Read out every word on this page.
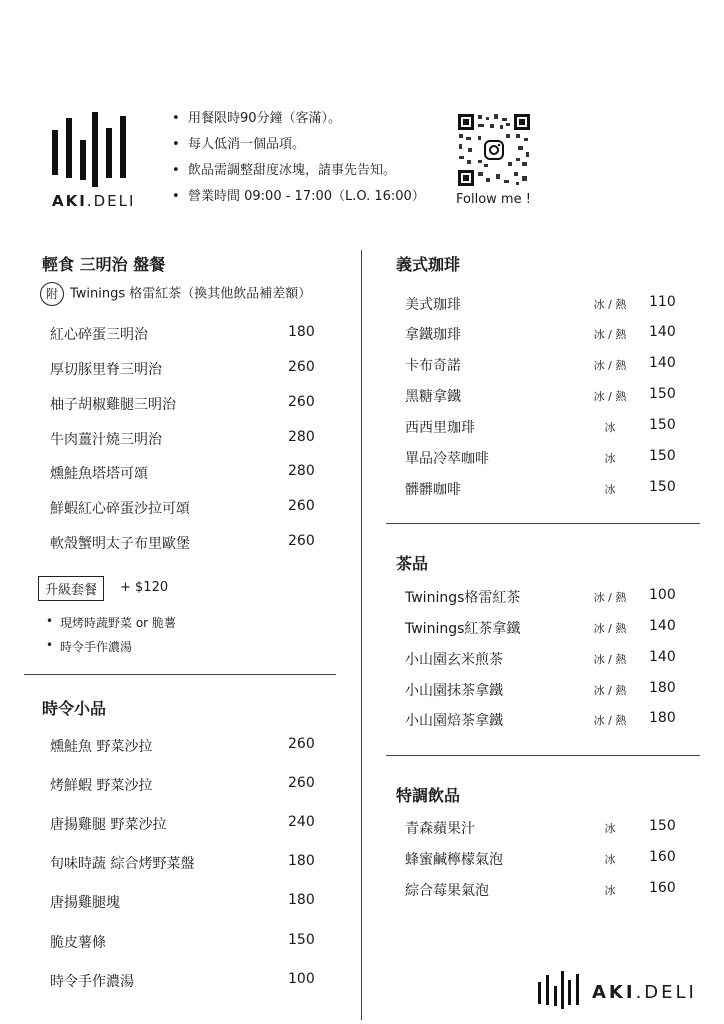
AKI.DELI
• 用餐限時90分鐘（客滿）。
• 每人低消一個品項。
• 飲品需調整甜度冰塊，請事先告知。
• 營業時間 09:00 - 17:00（L.O. 16:00） Follow me !
輕食 三明治 盤餐
附 Twinings 格雷紅茶（換其他飲品補差額）
紅心碎蛋三明治	180
厚切豚里脊三明治	260
柚子胡椒雞腿三明治	260
牛肉薑汁燒三明治	280
燻鮭魚塔塔可頌	280
鮮蝦紅心碎蛋沙拉可頌	260
軟殼蟹明太子布里歐堡	260
升級套餐	+ $120
• 現烤時蔬野菜 or 脆薯
• 時令手作濃湯
時令小品
燻鮭魚 野菜沙拉	260
烤鮮蝦 野菜沙拉	260
唐揚雞腿 野菜沙拉	240
旬味時蔬 綜合烤野菜盤	180
唐揚雞腿塊	180
脆皮薯條	150
時令手作濃湯	100
義式珈琲
美式珈琲	冰 / 熱 110
拿鐵珈琲	冰 / 熱 140
卡布奇諾	冰 / 熱 140
黑糖拿鐵	冰 / 熱 150
西西里珈琲	冰 150
單品冷萃咖啡	冰 150
髒髒咖啡	冰 150
茶品
Twinings格雷紅茶	冰 / 熱 100
Twinings紅茶拿鐵	冰 / 熱 140
小山園玄米煎茶	冰 / 熱 140
小山園抹茶拿鐵	冰 / 熱 180
小山園焙茶拿鐵	冰 / 熱 180
特調飲品
青森蘋果汁	冰 150
蜂蜜鹹檸檬氣泡	冰 160
綜合莓果氣泡	冰 160
AKI.DELI
